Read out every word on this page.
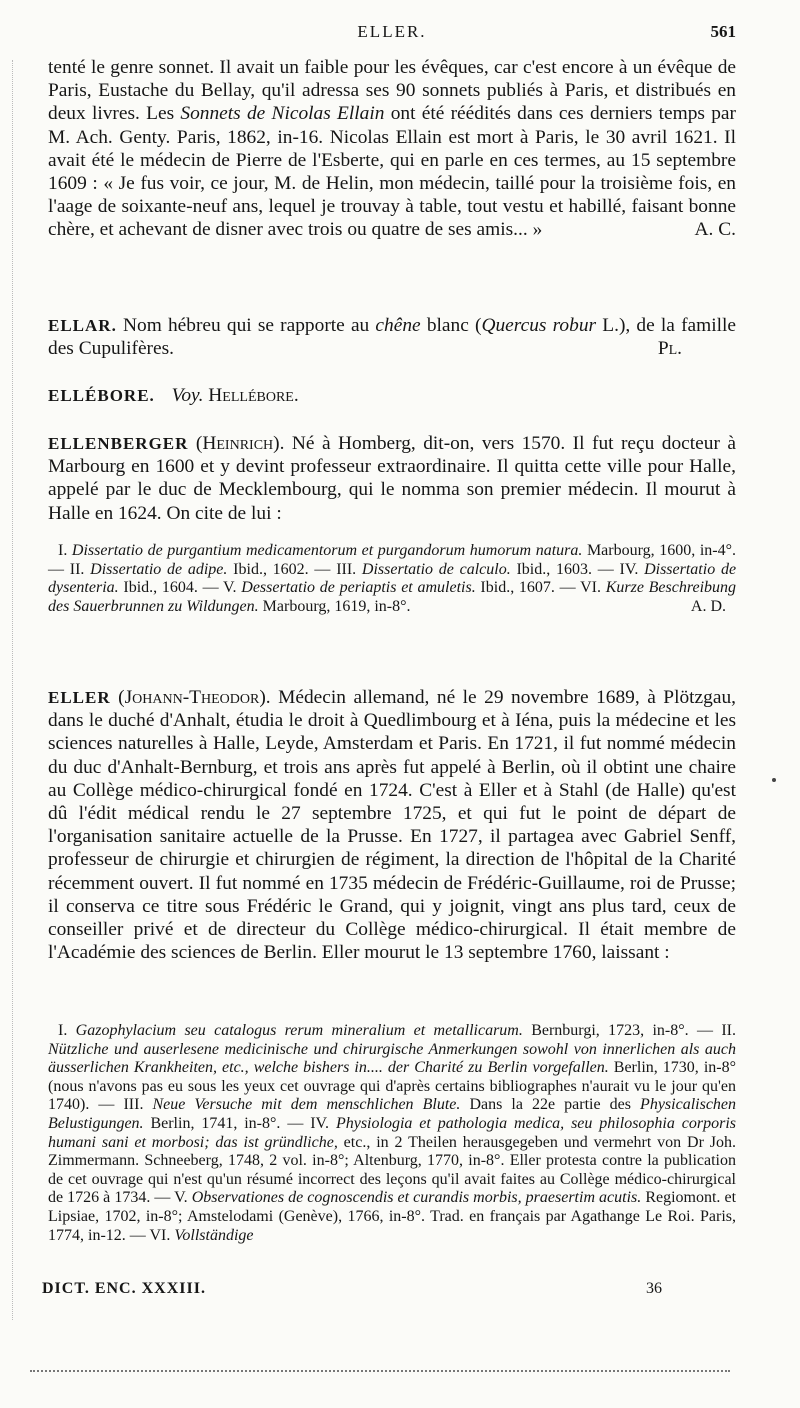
ELLER.	561

tenté le genre sonnet. Il avait un faible pour les évêques, car c'est encore à un évêque de Paris, Eustache du Bellay, qu'il adressa ses 90 sonnets publiés à Paris, et distribués en deux livres. Les Sonnets de Nicolas Ellain ont été réédités dans ces derniers temps par M. Ach. Genty. Paris, 1862, in-16. Nicolas Ellain est mort à Paris, le 30 avril 1621. Il avait été le médecin de Pierre de l'Esberte, qui en parle en ces termes, au 15 septembre 1609 : « Je fus voir, ce jour, M. de Helin, mon médecin, taillé pour la troisième fois, en l'aage de soixante-neuf ans, lequel je trouvay à table, tout vestu et habillé, faisant bonne chère, et achevant de disner avec trois ou quatre de ses amis... »	A. C.

ELLAR. Nom hébreu qui se rapporte au chêne blanc (Quercus robur L.), de la famille des Cupulifères.	Pl.

ELLÉBORE. Voy. Hellébore.

ELLENBERGER (Heinrich). Né à Homberg, dit-on, vers 1570. Il fut reçu docteur à Marbourg en 1600 et y devint professeur extraordinaire. Il quitta cette ville pour Halle, appelé par le duc de Mecklembourg, qui le nomma son premier médecin. Il mourut à Halle en 1624. On cite de lui :

I. Dissertatio de purgantium medicamentorum et purgandorum humorum natura. Marbourg, 1600, in-4°. — II. Dissertatio de adipe. Ibid., 1602. — III. Dissertatio de calculo. Ibid., 1603. — IV. Dissertatio de dysenteria. Ibid., 1604. — V. Dessertatio de periaptis et amuletis. Ibid., 1607. — VI. Kurze Beschreibung des Sauerbrunnen zu Wildungen. Marbourg, 1619, in-8°.	A. D.

ELLER (Johann-Theodor). Médecin allemand, né le 29 novembre 1689, à Plötzgau, dans le duché d'Anhalt, étudia le droit à Quedlimbourg et à Iéna, puis la médecine et les sciences naturelles à Halle, Leyde, Amsterdam et Paris. En 1721, il fut nommé médecin du duc d'Anhalt-Bernburg, et trois ans après fut appelé à Berlin, où il obtint une chaire au Collège médico-chirurgical fondé en 1724. C'est à Eller et à Stahl (de Halle) qu'est dû l'édit médical rendu le 27 septembre 1725, et qui fut le point de départ de l'organisation sanitaire actuelle de la Prusse. En 1727, il partagea avec Gabriel Senff, professeur de chirurgie et chirurgien de régiment, la direction de l'hôpital de la Charité récemment ouvert. Il fut nommé en 1735 médecin de Frédéric-Guillaume, roi de Prusse; il conserva ce titre sous Frédéric le Grand, qui y joignit, vingt ans plus tard, ceux de conseiller privé et de directeur du Collège médico-chirurgical. Il était membre de l'Académie des sciences de Berlin. Eller mourut le 13 septembre 1760, laissant :

I. Gazophylacium seu catalogus rerum mineralium et metallicarum. Bernburgi, 1723, in-8°. — II. Nützliche und auserlesene medicinische und chirurgische Anmerkungen sowohl von innerlichen als auch äusserlichen Krankheiten, etc., welche bishers in.... der Charité zu Berlin vorgefallen. Berlin, 1730, in-8° (nous n'avons pas eu sous les yeux cet ouvrage qui d'après certains bibliographes n'aurait vu le jour qu'en 1740). — III. Neue Versuche mit dem menschlichen Blute. Dans la 22e partie des Physicalischen Belustigungen. Berlin, 1741, in-8°. — IV. Physiologia et pathologia medica, seu philosophia corporis humani sani et morbosi; das ist gründliche, etc., in 2 Theilen herausgegeben und vermehrt von Dr Joh. Zimmermann. Schneeberg, 1748, 2 vol. in-8°; Altenburg, 1770, in-8°. Eller protesta contre la publication de cet ouvrage qui n'est qu'un résumé incorrect des leçons qu'il avait faites au Collège médico-chirurgical de 1726 à 1734. — V. Observationes de cognoscendis et curandis morbis, praesertim acutis. Regiomont. et Lipsiae, 1702, in-8°; Amstelodami (Genève), 1766, in-8°. Trad. en français par Agathange Le Roi. Paris, 1774, in-12. — VI. Vollständige

DICT. ENC. XXXIII.	36
